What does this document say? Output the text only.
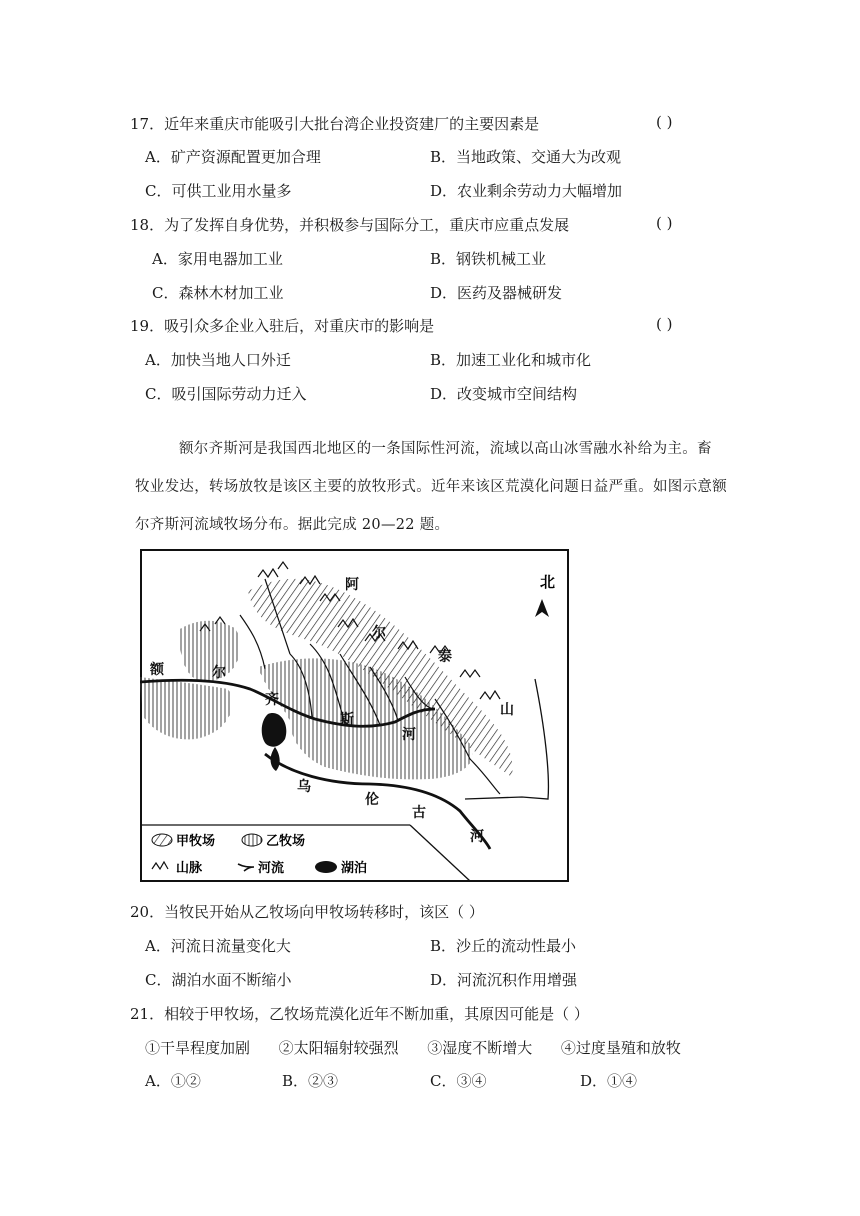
17．近年来重庆市能吸引大批台湾企业投资建厂的主要因素是	( )
A．矿产资源配置更加合理	B．当地政策、交通大为改观
C．可供工业用水量多	D．农业剩余劳动力大幅增加
18．为了发挥自身优势，并积极参与国际分工，重庆市应重点发展	( )
A．家用电器加工业	B．钢铁机械工业
C．森林木材加工业	D．医药及器械研发
19．吸引众多企业入驻后，对重庆市的影响是	( )
A．加快当地人口外迁	B．加速工业化和城市化
C．吸引国际劳动力迁入	D．改变城市空间结构
额尔齐斯河是我国西北地区的一条国际性河流，流域以高山冰雪融水补给为主。畜
牧业发达，转场放牧是该区主要的放牧形式。近年来该区荒漠化问题日益严重。如图示意额
尔齐斯河流域牧场分布。据此完成 20—22 题。
北
阿
尔
泰
山
额	尔
齐
斯
河
乌
伦
古
河
甲牧场	乙牧场
山脉	河流	湖泊
20．当牧民开始从乙牧场向甲牧场转移时，该区（ ）
A．河流日流量变化大	B．沙丘的流动性最小
C．湖泊水面不断缩小	D．河流沉积作用增强
21．相较于甲牧场，乙牧场荒漠化近年不断加重，其原因可能是（ ）
①干旱程度加剧      ②太阳辐射较强烈      ③湿度不断增大      ④过度垦殖和放牧
A．①②	B．②③	C．③④	D．①④
